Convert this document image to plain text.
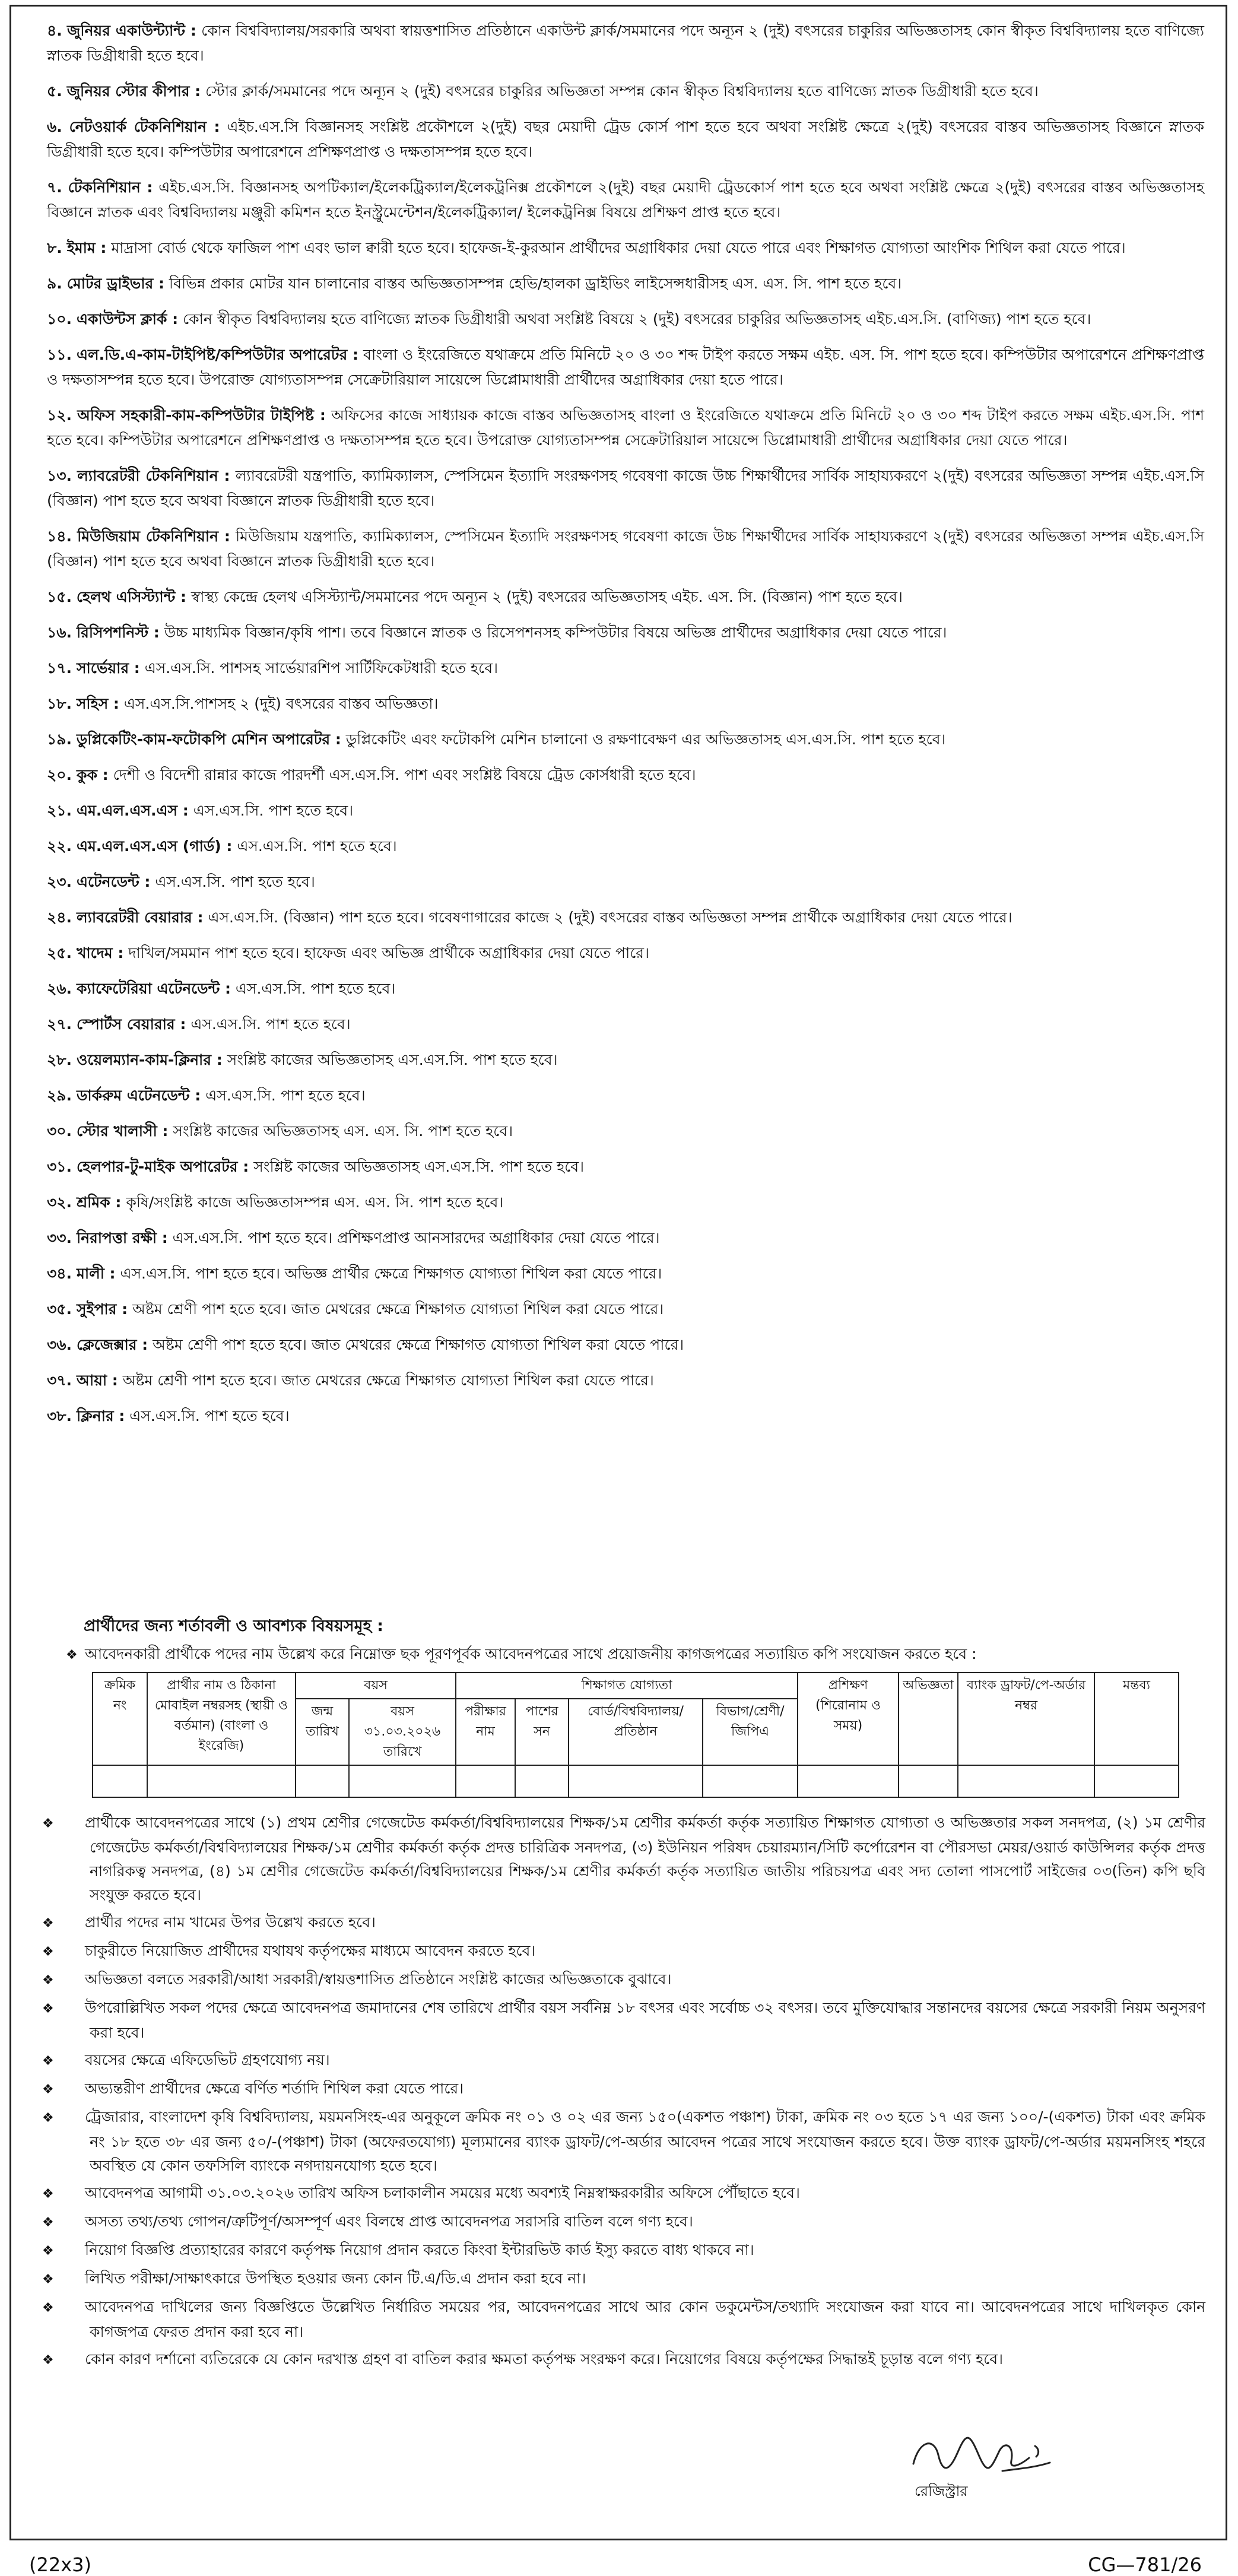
৪. জুনিয়র একাউন্ট্যান্ট : কোন বিশ্ববিদ্যালয়/সরকারি অথবা স্বায়ত্তশাসিত প্রতিষ্ঠানে একাউন্ট ক্লার্ক/সমমানের পদে অন্যূন ২ (দুই) বৎসরের চাকুরির অভিজ্ঞতাসহ কোন স্বীকৃত বিশ্ববিদ্যালয় হতে বাণিজ্যে স্নাতক ডিগ্রীধারী হতে হবে।
৫. জুনিয়র স্টোর কীপার : স্টোর ক্লার্ক/সমমানের পদে অন্যূন ২ (দুই) বৎসরের চাকুরির অভিজ্ঞতা সম্পন্ন কোন স্বীকৃত বিশ্ববিদ্যালয় হতে বাণিজ্যে স্নাতক ডিগ্রীধারী হতে হবে।
৬. নেটওয়ার্ক টেকনিশিয়ান : এইচ.এস.সি বিজ্ঞানসহ সংশ্লিষ্ট প্রকৌশলে ২(দুই) বছর মেয়াদী ট্রেড কোর্স পাশ হতে হবে অথবা সংশ্লিষ্ট ক্ষেত্রে ২(দুই) বৎসরের বাস্তব অভিজ্ঞতাসহ বিজ্ঞানে স্নাতক ডিগ্রীধারী হতে হবে। কম্পিউটার অপারেশনে প্রশিক্ষণপ্রাপ্ত ও দক্ষতাসম্পন্ন হতে হবে।
৭. টেকনিশিয়ান : এইচ.এস.সি. বিজ্ঞানসহ অপটিক্যাল/ইলেকট্রিক্যাল/ইলেকট্রনিক্স প্রকৌশলে ২(দুই) বছর মেয়াদী ট্রেডকোর্স পাশ হতে হবে অথবা সংশ্লিষ্ট ক্ষেত্রে ২(দুই) বৎসরের বাস্তব অভিজ্ঞতাসহ বিজ্ঞানে স্নাতক এবং বিশ্ববিদ্যালয় মঞ্জুরী কমিশন হতে ইনস্ট্রুমেন্টেশন/ইলেকট্রিক্যাল/ ইলেকট্রনিক্স বিষয়ে প্রশিক্ষণ প্রাপ্ত হতে হবে।
৮. ইমাম : মাদ্রাসা বোর্ড থেকে ফাজিল পাশ এবং ভাল ক্বারী হতে হবে। হাফেজ-ই-কুরআন প্রার্থীদের অগ্রাধিকার দেয়া যেতে পারে এবং শিক্ষাগত যোগ্যতা আংশিক শিথিল করা যেতে পারে।
৯. মোটর ড্রাইভার : বিভিন্ন প্রকার মোটর যান চালানোর বাস্তব অভিজ্ঞতাসম্পন্ন হেভি/হালকা ড্রাইভিং লাইসেন্সধারীসহ এস. এস. সি. পাশ হতে হবে।
১০. একাউন্টস ক্লার্ক : কোন স্বীকৃত বিশ্ববিদ্যালয় হতে বাণিজ্যে স্নাতক ডিগ্রীধারী অথবা সংশ্লিষ্ট বিষয়ে ২ (দুই) বৎসরের চাকুরির অভিজ্ঞতাসহ এইচ.এস.সি. (বাণিজ্য) পাশ হতে হবে।
১১. এল.ডি.এ-কাম-টাইপিষ্ট/কম্পিউটার অপারেটর : বাংলা ও ইংরেজিতে যথাক্রমে প্রতি মিনিটে ২০ ও ৩০ শব্দ টাইপ করতে সক্ষম এইচ. এস. সি. পাশ হতে হবে। কম্পিউটার অপারেশনে প্রশিক্ষণপ্রাপ্ত ও দক্ষতাসম্পন্ন হতে হবে। উপরোক্ত যোগ্যতাসম্পন্ন সেক্রেটারিয়াল সায়েন্সে ডিপ্লোমাধারী প্রার্থীদের অগ্রাধিকার দেয়া হতে পারে।
১২. অফিস সহকারী-কাম-কম্পিউটার টাইপিষ্ট : অফিসের কাজে সাধ্যায়ক কাজে বাস্তব অভিজ্ঞতাসহ বাংলা ও ইংরেজিতে যথাক্রমে প্রতি মিনিটে ২০ ও ৩০ শব্দ টাইপ করতে সক্ষম এইচ.এস.সি. পাশ হতে হবে। কম্পিউটার অপারেশনে প্রশিক্ষণপ্রাপ্ত ও দক্ষতাসম্পন্ন হতে হবে। উপরোক্ত যোগ্যতাসম্পন্ন সেক্রেটারিয়াল সায়েন্সে ডিপ্লোমাধারী প্রার্থীদের অগ্রাধিকার দেয়া যেতে পারে।
১৩. ল্যাবরেটরী টেকনিশিয়ান : ল্যাবরেটরী যন্ত্রপাতি, ক্যামিক্যালস, স্পেসিমেন ইত্যাদি সংরক্ষণসহ গবেষণা কাজে উচ্চ শিক্ষার্থীদের সার্বিক সাহায্যকরণে ২(দুই) বৎসরের অভিজ্ঞতা সম্পন্ন এইচ.এস.সি (বিজ্ঞান) পাশ হতে হবে অথবা বিজ্ঞানে স্নাতক ডিগ্রীধারী হতে হবে।
১৪. মিউজিয়াম টেকনিশিয়ান : মিউজিয়াম যন্ত্রপাতি, ক্যামিক্যালস, স্পেসিমেন ইত্যাদি সংরক্ষণসহ গবেষণা কাজে উচ্চ শিক্ষার্থীদের সার্বিক সাহায্যকরণে ২(দুই) বৎসরের অভিজ্ঞতা সম্পন্ন এইচ.এস.সি (বিজ্ঞান) পাশ হতে হবে অথবা বিজ্ঞানে স্নাতক ডিগ্রীধারী হতে হবে।
১৫. হেলথ এসিস্ট্যান্ট : স্বাস্থ্য কেন্দ্রে হেলথ এসিস্ট্যান্ট/সমমানের পদে অন্যূন ২ (দুই) বৎসরের অভিজ্ঞতাসহ এইচ. এস. সি. (বিজ্ঞান) পাশ হতে হবে।
১৬. রিসিপশনিস্ট : উচ্চ মাধ্যমিক বিজ্ঞান/কৃষি পাশ। তবে বিজ্ঞানে স্নাতক ও রিসেপশনসহ কম্পিউটার বিষয়ে অভিজ্ঞ প্রার্থীদের অগ্রাধিকার দেয়া যেতে পারে।
১৭. সার্ভেয়ার : এস.এস.সি. পাশসহ সার্ভেয়ারশিপ সার্টিফিকেটধারী হতে হবে।
১৮. সহিস : এস.এস.সি.পাশসহ ২ (দুই) বৎসরের বাস্তব অভিজ্ঞতা।
১৯. ডুপ্লিকেটিং-কাম-ফটোকপি মেশিন অপারেটর : ডুপ্লিকেটিং এবং ফটোকপি মেশিন চালানো ও রক্ষণাবেক্ষণ এর অভিজ্ঞতাসহ এস.এস.সি. পাশ হতে হবে।
২০. কুক : দেশী ও বিদেশী রান্নার কাজে পারদর্শী এস.এস.সি. পাশ এবং সংশ্লিষ্ট বিষয়ে ট্রেড কোর্সধারী হতে হবে।
২১. এম.এল.এস.এস : এস.এস.সি. পাশ হতে হবে।
২২. এম.এল.এস.এস (গার্ড) : এস.এস.সি. পাশ হতে হবে।
২৩. এটেনডেন্ট : এস.এস.সি. পাশ হতে হবে।
২৪. ল্যাবরেটরী বেয়ারার : এস.এস.সি. (বিজ্ঞান) পাশ হতে হবে। গবেষণাগারের কাজে ২ (দুই) বৎসরের বাস্তব অভিজ্ঞতা সম্পন্ন প্রার্থীকে অগ্রাধিকার দেয়া যেতে পারে।
২৫. খাদেম : দাখিল/সমমান পাশ হতে হবে। হাফেজ এবং অভিজ্ঞ প্রার্থীকে অগ্রাধিকার দেয়া যেতে পারে।
২৬. ক্যাফেটেরিয়া এটেনডেন্ট : এস.এস.সি. পাশ হতে হবে।
২৭. স্পোর্টস বেয়ারার : এস.এস.সি. পাশ হতে হবে।
২৮. ওয়েলম্যান-কাম-ক্লিনার : সংশ্লিষ্ট কাজের অভিজ্ঞতাসহ এস.এস.সি. পাশ হতে হবে।
২৯. ডার্করুম এটেনডেন্ট : এস.এস.সি. পাশ হতে হবে।
৩০. স্টোর খালাসী : সংশ্লিষ্ট কাজের অভিজ্ঞতাসহ এস. এস. সি. পাশ হতে হবে।
৩১. হেলপার-টু-মাইক অপারেটর : সংশ্লিষ্ট কাজের অভিজ্ঞতাসহ এস.এস.সি. পাশ হতে হবে।
৩২. শ্রমিক : কৃষি/সংশ্লিষ্ট কাজে অভিজ্ঞতাসম্পন্ন এস. এস. সি. পাশ হতে হবে।
৩৩. নিরাপত্তা রক্ষী : এস.এস.সি. পাশ হতে হবে। প্রশিক্ষণপ্রাপ্ত আনসারদের অগ্রাধিকার দেয়া যেতে পারে।
৩৪. মালী : এস.এস.সি. পাশ হতে হবে। অভিজ্ঞ প্রার্থীর ক্ষেত্রে শিক্ষাগত যোগ্যতা শিথিল করা যেতে পারে।
৩৫. সুইপার : অষ্টম শ্রেণী পাশ হতে হবে। জাত মেথরের ক্ষেত্রে শিক্ষাগত যোগ্যতা শিথিল করা যেতে পারে।
৩৬. ক্লেজেক্সার : অষ্টম শ্রেণী পাশ হতে হবে। জাত মেথরের ক্ষেত্রে শিক্ষাগত যোগ্যতা শিথিল করা যেতে পারে।
৩৭. আয়া : অষ্টম শ্রেণী পাশ হতে হবে। জাত মেথরের ক্ষেত্রে শিক্ষাগত যোগ্যতা শিথিল করা যেতে পারে।
৩৮. ক্লিনার : এস.এস.সি. পাশ হতে হবে।

প্রার্থীদের জন্য শর্তাবলী ও আবশ্যক বিষয়সমূহ :

❖ আবেদনকারী প্রার্থীকে পদের নাম উল্লেখ করে নিম্নোক্ত ছক পূরণপূর্বক আবেদনপত্রের সাথে প্রয়োজনীয় কাগজপত্রের সত্যায়িত কপি সংযোজন করতে হবে :
ক্রমিক নং	প্রার্থীর নাম ও ঠিকানা মোবাইল নম্বরসহ (স্থায়ী ও বর্তমান) (বাংলা ও ইংরেজি)	বয়স		শিক্ষাগত যোগ্যতা				প্রশিক্ষণ (শিরোনাম ও সময়)	অভিজ্ঞতা	ব্যাংক ড্রাফট/পে-অর্ডার নম্বর	মন্তব্য
		জন্ম তারিখ	বয়স ৩১.০৩.২০২৬ তারিখে	পরীক্ষার নাম	পাশের সন	বোর্ড/বিশ্ববিদ্যালয়/প্রতিষ্ঠান	বিভাগ/শ্রেণী/জিপিএ				

❖ প্রার্থীকে আবেদনপত্রের সাথে (১) প্রথম শ্রেণীর গেজেটেড কর্মকর্তা/বিশ্ববিদ্যালয়ের শিক্ষক/১ম শ্রেণীর কর্মকর্তা কর্তৃক সত্যায়িত শিক্ষাগত যোগ্যতা ও অভিজ্ঞতার সকল সনদপত্র, (২) ১ম শ্রেণীর গেজেটেড কর্মকর্তা/বিশ্ববিদ্যালয়ের শিক্ষক/১ম শ্রেণীর কর্মকর্তা কর্তৃক প্রদত্ত চারিত্রিক সনদপত্র, (৩) ইউনিয়ন পরিষদ চেয়ারম্যান/সিটি কর্পোরেশন বা পৌরসভা মেয়র/ওয়ার্ড কাউন্সিলর কর্তৃক প্রদত্ত নাগরিকত্ব সনদপত্র, (৪) ১ম শ্রেণীর গেজেটেড কর্মকর্তা/বিশ্ববিদ্যালয়ের শিক্ষক/১ম শ্রেণীর কর্মকর্তা কর্তৃক সত্যায়িত জাতীয় পরিচয়পত্র এবং সদ্য তোলা পাসপোর্ট সাইজের ০৩(তিন) কপি ছবি সংযুক্ত করতে হবে।
❖ প্রার্থীর পদের নাম খামের উপর উল্লেখ করতে হবে।
❖ চাকুরীতে নিয়োজিত প্রার্থীদের যথাযথ কর্তৃপক্ষের মাধ্যমে আবেদন করতে হবে।
❖ অভিজ্ঞতা বলতে সরকারী/আধা সরকারী/স্বায়ত্তশাসিত প্রতিষ্ঠানে সংশ্লিষ্ট কাজের অভিজ্ঞতাকে বুঝাবে।
❖ উপরোল্লিখিত সকল পদের ক্ষেত্রে আবেদনপত্র জমাদানের শেষ তারিখে প্রার্থীর বয়স সর্বনিম্ন ১৮ বৎসর এবং সর্বোচ্চ ৩২ বৎসর। তবে মুক্তিযোদ্ধার সন্তানদের বয়সের ক্ষেত্রে সরকারী নিয়ম অনুসরণ করা হবে।
❖ বয়সের ক্ষেত্রে এফিডেভিট গ্রহণযোগ্য নয়।
❖ অভ্যন্তরীণ প্রার্থীদের ক্ষেত্রে বর্ণিত শর্তাদি শিথিল করা যেতে পারে।
❖ ট্রেজারার, বাংলাদেশ কৃষি বিশ্ববিদ্যালয়, ময়মনসিংহ-এর অনুকূলে ক্রমিক নং ০১ ও ০২ এর জন্য ১৫০(একশত পঞ্চাশ) টাকা, ক্রমিক নং ০৩ হতে ১৭ এর জন্য ১০০/-(একশত) টাকা এবং ক্রমিক নং ১৮ হতে ৩৮ এর জন্য ৫০/-(পঞ্চাশ) টাকা (অফেরতযোগ্য) মূল্যমানের ব্যাংক ড্রাফট/পে-অর্ডার আবেদন পত্রের সাথে সংযোজন করতে হবে। উক্ত ব্যাংক ড্রাফট/পে-অর্ডার ময়মনসিংহ শহরে অবস্থিত যে কোন তফসিলি ব্যাংকে নগদায়নযোগ্য হতে হবে।
❖ আবেদনপত্র আগামী ৩১.০৩.২০২৬ তারিখ অফিস চলাকালীন সময়ের মধ্যে অবশ্যই নিম্নস্বাক্ষরকারীর অফিসে পৌঁছাতে হবে।
❖ অসত্য তথ্য/তথ্য গোপন/ত্রুটিপূর্ণ/অসম্পূর্ণ এবং বিলম্বে প্রাপ্ত আবেদনপত্র সরাসরি বাতিল বলে গণ্য হবে।
❖ নিয়োগ বিজ্ঞপ্তি প্রত্যাহারের কারণে কর্তৃপক্ষ নিয়োগ প্রদান করতে কিংবা ইন্টারভিউ কার্ড ইস্যু করতে বাধ্য থাকবে না।
❖ লিখিত পরীক্ষা/সাক্ষাৎকারে উপস্থিত হওয়ার জন্য কোন টি.এ/ডি.এ প্রদান করা হবে না।
❖ আবেদনপত্র দাখিলের জন্য বিজ্ঞপ্তিতে উল্লেখিত নির্ধারিত সময়ের পর, আবেদনপত্রের সাথে আর কোন ডকুমেন্টস/তথ্যাদি সংযোজন করা যাবে না। আবেদনপত্রের সাথে দাখিলকৃত কোন কাগজপত্র ফেরত প্রদান করা হবে না।
❖ কোন কারণ দর্শানো ব্যতিরেকে যে কোন দরখাস্ত গ্রহণ বা বাতিল করার ক্ষমতা কর্তৃপক্ষ সংরক্ষণ করে। নিয়োগের বিষয়ে কর্তৃপক্ষের সিদ্ধান্তই চূড়ান্ত বলে গণ্য হবে।

রেজিস্ট্রার

(22x3)	CG—781/26
